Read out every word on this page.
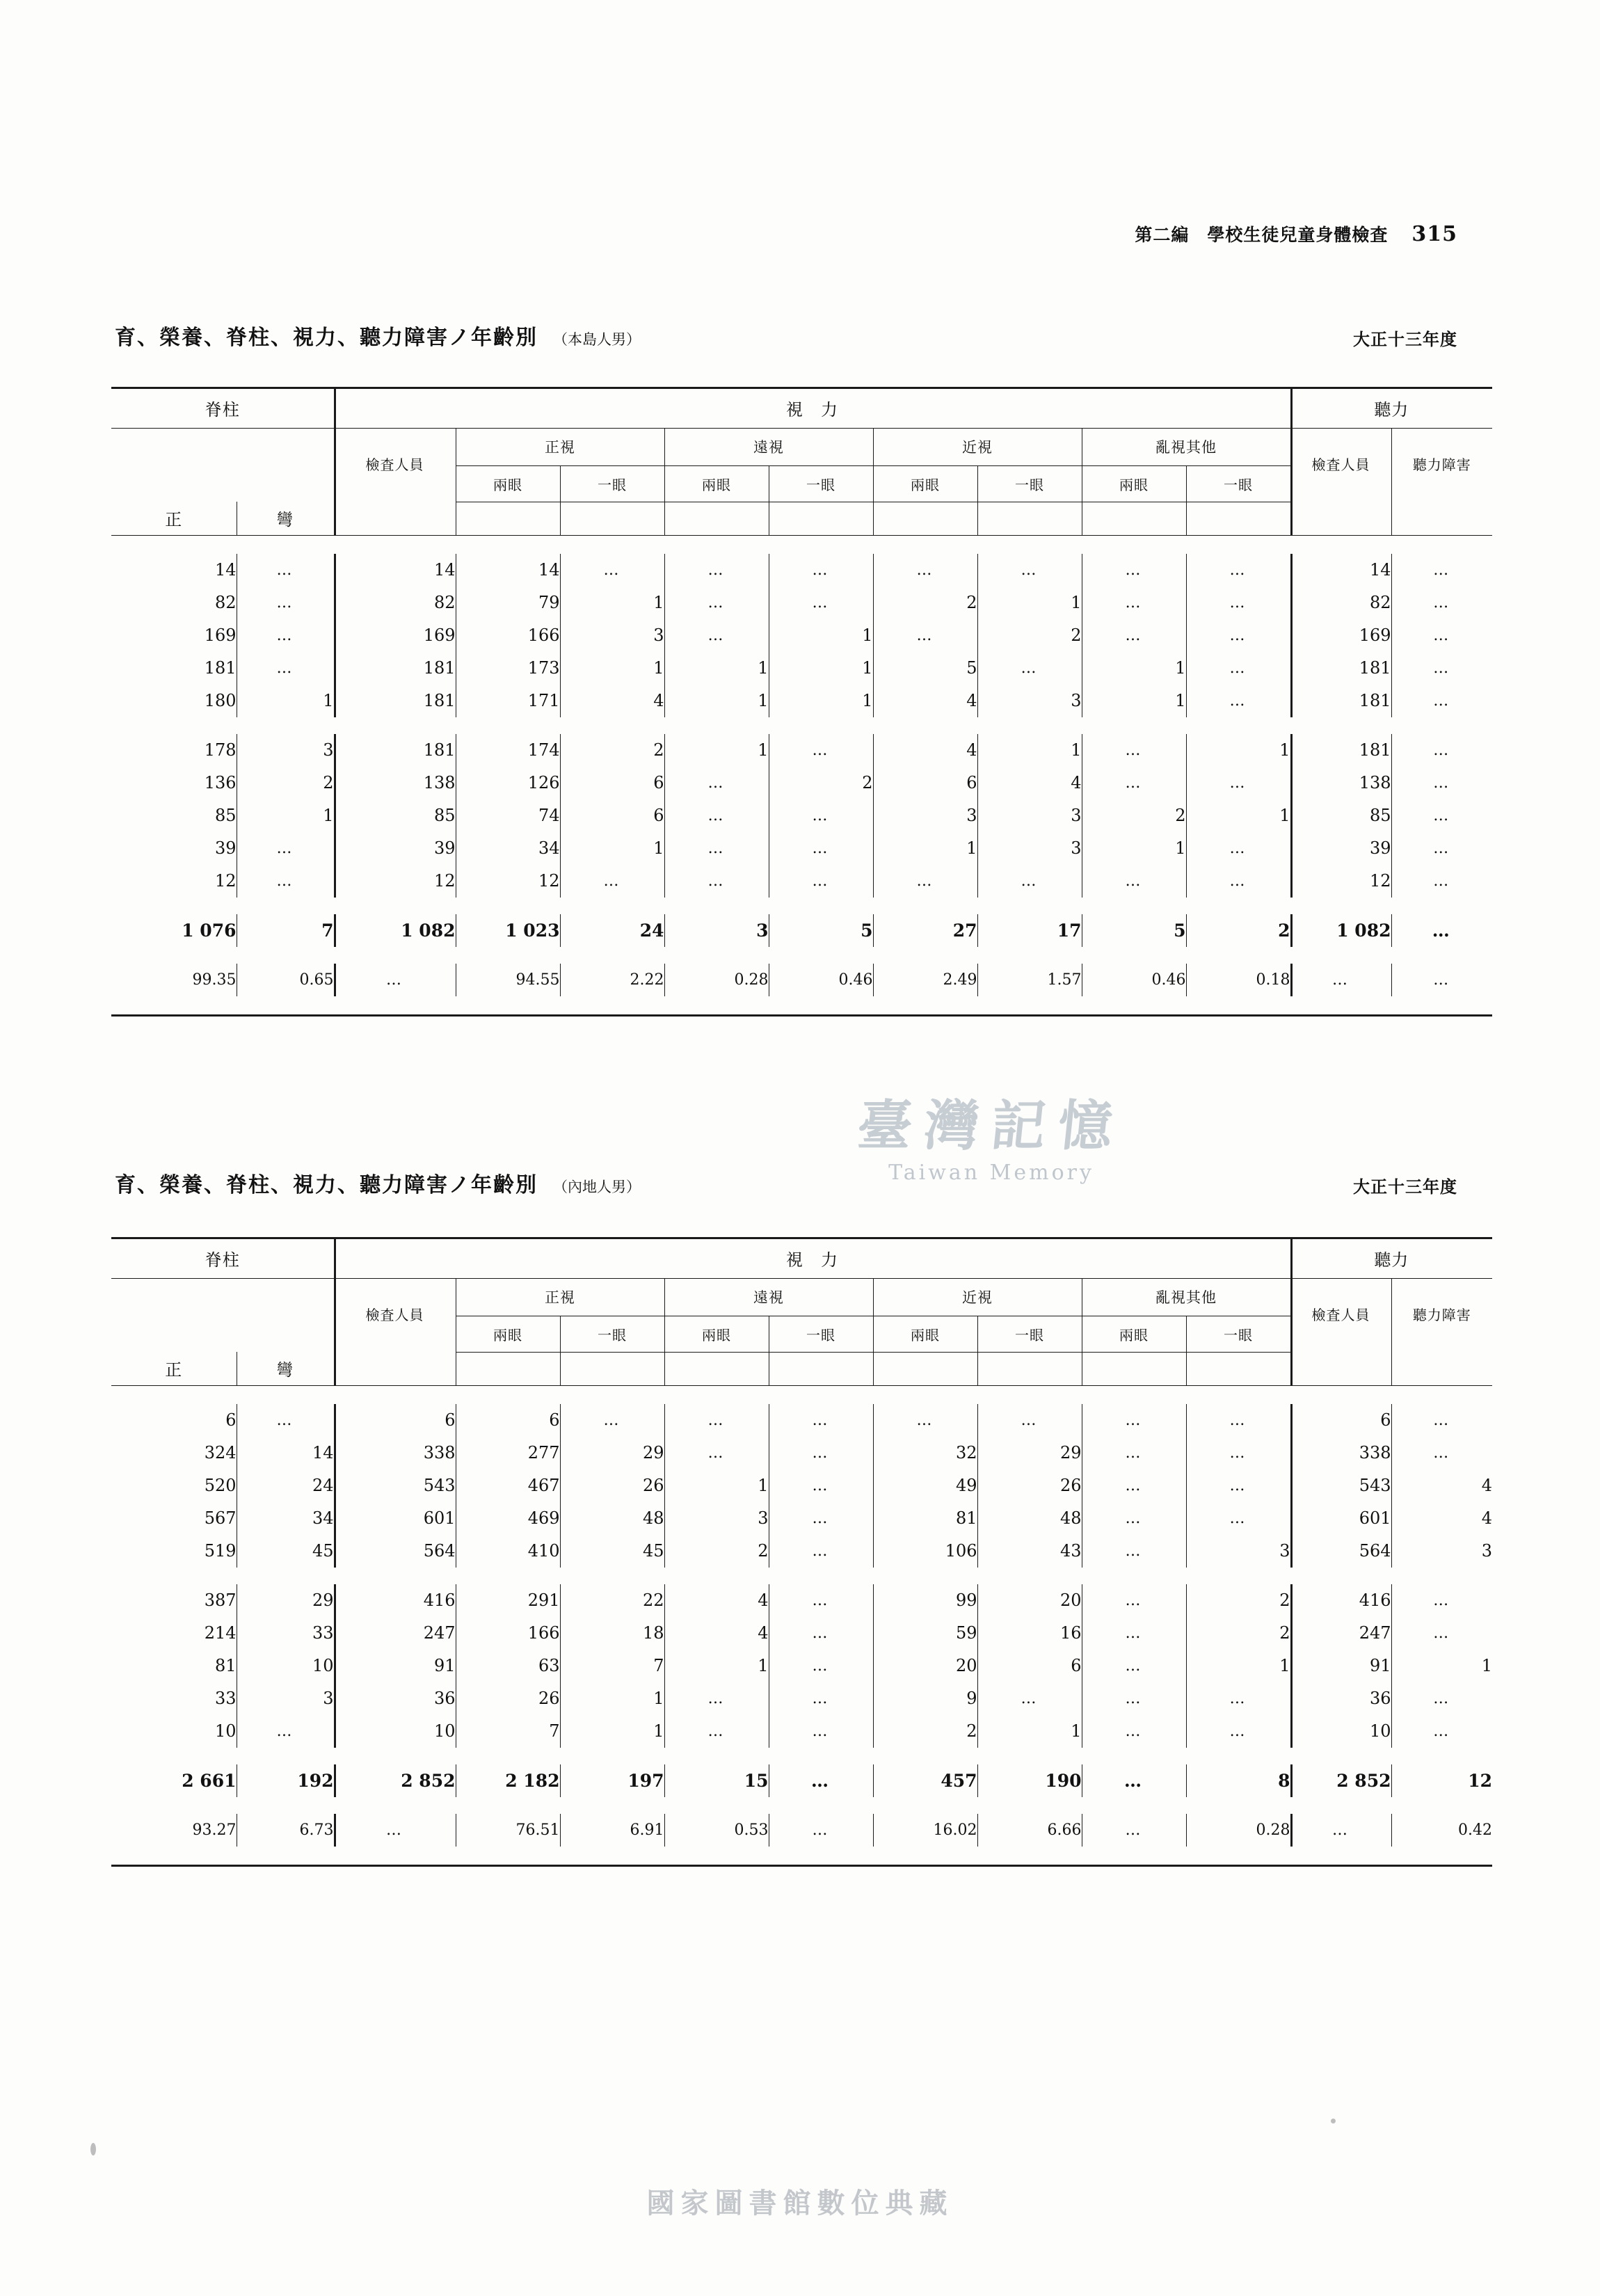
第二編　學校生徒兒童身體檢査 315
育、榮養、脊柱、視力、聽力障害ノ年齡別 （本島人男）	大正十三年度
脊柱		視　力									聽力	
		檢査人員	正視		遠視		近視		亂視其他		檢査人員	聽力障害
			兩眼	一眼	兩眼	一眼	兩眼	一眼	兩眼	一眼		
正	彎											

14	…	14	14	…	…	…	…	…	…	…	14	…
82	…	82	79	1	…	…	2	1	…	…	82	…
169	…	169	166	3	…	1	…	2	…	…	169	…
181	…	181	173	1	1	1	5	…	1	…	181	…
180	1	181	171	4	1	1	4	3	1	…	181	…

178	3	181	174	2	1	…	4	1	…	1	181	…
136	2	138	126	6	…	2	6	4	…	…	138	…
85	1	85	74	6	…	…	3	3	2	1	85	…
39	…	39	34	1	…	…	1	3	1	…	39	…
12	…	12	12	…	…	…	…	…	…	…	12	…

1 076	7	1 082	1 023	24	3	5	27	17	5	2	1 082	…

99.35	0.65	…	94.55	2.22	0.28	0.46	2.49	1.57	0.46	0.18	…	…

育、榮養、脊柱、視力、聽力障害ノ年齡別 （內地人男）	大正十三年度
脊柱		視　力									聽力	
		檢査人員	正視		遠視		近視		亂視其他		檢査人員	聽力障害
			兩眼	一眼	兩眼	一眼	兩眼	一眼	兩眼	一眼		
正	彎											

6	…	6	6	…	…	…	…	…	…	…	6	…
324	14	338	277	29	…	…	32	29	…	…	338	…
520	24	543	467	26	1	…	49	26	…	…	543	4
567	34	601	469	48	3	…	81	48	…	…	601	4
519	45	564	410	45	2	…	106	43	…	3	564	3

387	29	416	291	22	4	…	99	20	…	2	416	…
214	33	247	166	18	4	…	59	16	…	2	247	…
81	10	91	63	7	1	…	20	6	…	1	91	1
33	3	36	26	1	…	…	9	…	…	…	36	…
10	…	10	7	1	…	…	2	1	…	…	10	…

2 661	192	2 852	2 182	197	15	…	457	190	…	8	2 852	12

93.27	6.73	…	76.51	6.91	0.53	…	16.02	6.66	…	0.28	…	0.42

臺灣記憶
Taiwan Memory
國家圖書館數位典藏
